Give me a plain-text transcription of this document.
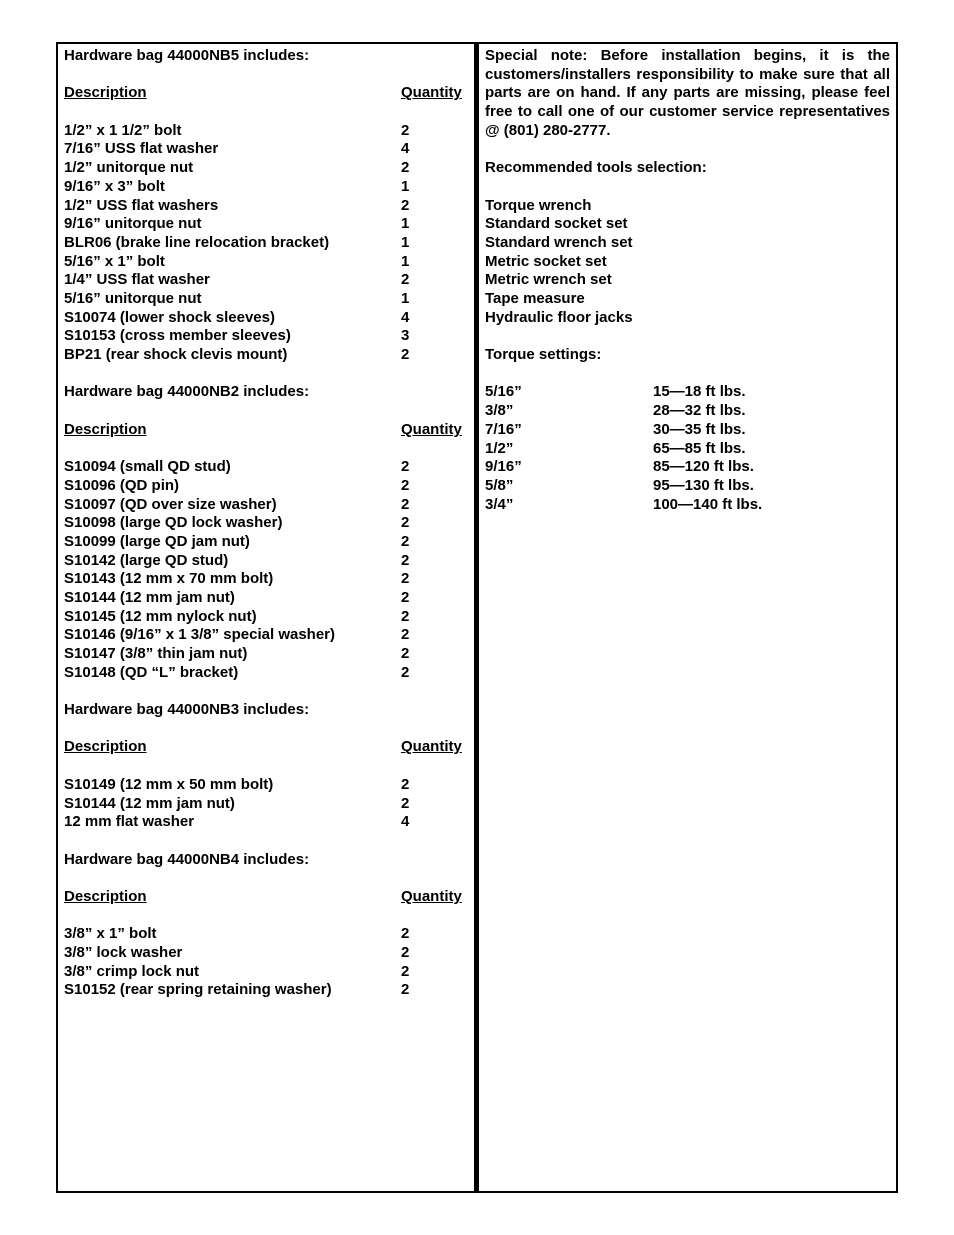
Hardware bag 44000NB5 includes:
Description	Quantity
1/2” x 1 1/2” bolt	2
7/16” USS flat washer	4
1/2” unitorque nut	2
9/16” x 3” bolt	1
1/2” USS flat washers	2
9/16” unitorque nut	1
BLR06 (brake line relocation bracket)	1
5/16” x 1” bolt	1
1/4” USS flat washer	2
5/16” unitorque nut	1
S10074 (lower shock sleeves)	4
S10153 (cross member sleeves)	3
BP21 (rear shock clevis mount)	2
Hardware bag 44000NB2 includes:
Description	Quantity
S10094 (small QD stud)	2
S10096 (QD pin)	2
S10097 (QD over size washer)	2
S10098 (large QD lock washer)	2
S10099 (large QD jam nut)	2
S10142 (large QD stud)	2
S10143 (12 mm x 70 mm bolt)	2
S10144 (12 mm jam nut)	2
S10145 (12 mm nylock nut)	2
S10146 (9/16” x 1 3/8” special washer)	2
S10147 (3/8” thin jam nut)	2
S10148 (QD “L” bracket)	2
Hardware bag 44000NB3 includes:
Description	Quantity
S10149 (12 mm x 50 mm bolt)	2
S10144 (12 mm jam nut)	2
12 mm flat washer	4
Hardware bag 44000NB4 includes:
Description	Quantity
3/8” x 1” bolt	2
3/8” lock washer	2
3/8” crimp lock nut	2
S10152 (rear spring retaining washer)	2

Special note: Before installation begins, it is the customers/installers responsibility to make sure that all parts are on hand. If any parts are missing, please feel free to call one of our customer service representatives @ (801) 280-2777.

Recommended tools selection:
Torque wrench
Standard socket set
Standard wrench set
Metric socket set
Metric wrench set
Tape measure
Hydraulic floor jacks
Torque settings:
5/16”	15—18 ft lbs.
3/8”	28—32 ft lbs.
7/16”	30—35 ft lbs.
1/2”	65—85 ft lbs.
9/16”	85—120 ft lbs.
5/8”	95—130 ft lbs.
3/4”	100—140 ft lbs.
